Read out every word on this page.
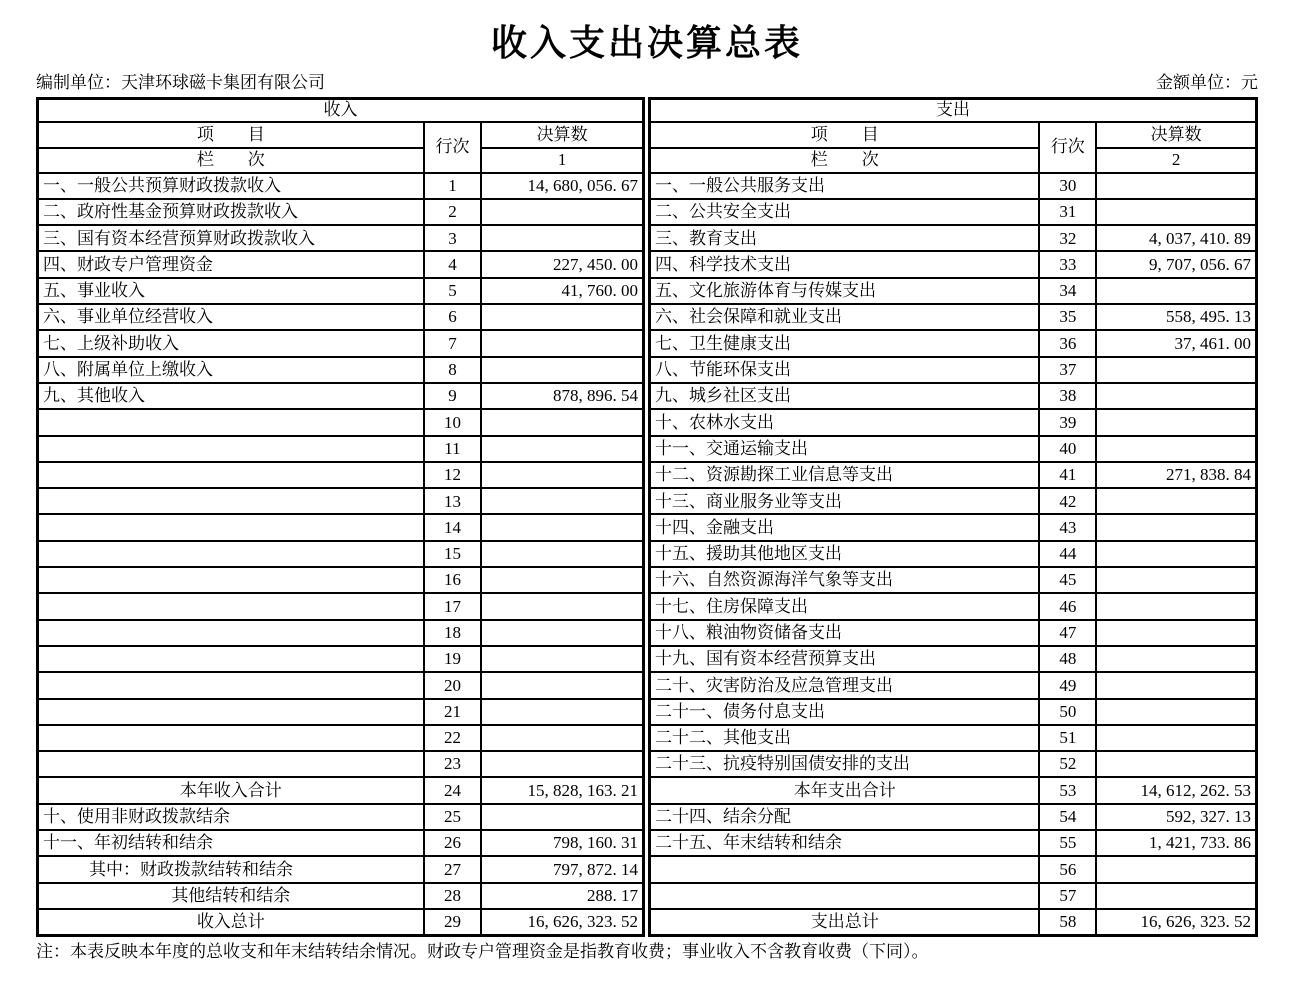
收入支出决算总表
编制单位：天津环球磁卡集团有限公司	金额单位：元
收入		
项　　目	行次	决算数
栏　　次		1
一、一般公共预算财政拨款收入	1	14, 680, 056. 67
二、政府性基金预算财政拨款收入	2	
三、国有资本经营预算财政拨款收入	3	
四、财政专户管理资金	4	227, 450. 00
五、事业收入	5	41, 760. 00
六、事业单位经营收入	6	
七、上级补助收入	7	
八、附属单位上缴收入	8	
九、其他收入	9	878, 896. 54
	10	
	11	
	12	
	13	
	14	
	15	
	16	
	17	
	18	
	19	
	20	
	21	
	22	
	23	
本年收入合计	24	15, 828, 163. 21
十、使用非财政拨款结余	25	
十一、年初结转和结余	26	798, 160. 31
其中：财政拨款结转和结余	27	797, 872. 14
其他结转和结余	28	288. 17
收入总计	29	16, 626, 323. 52
支出		
项　　目	行次	决算数
栏　　次		2
一、一般公共服务支出	30	
二、公共安全支出	31	
三、教育支出	32	4, 037, 410. 89
四、科学技术支出	33	9, 707, 056. 67
五、文化旅游体育与传媒支出	34	
六、社会保障和就业支出	35	558, 495. 13
七、卫生健康支出	36	37, 461. 00
八、节能环保支出	37	
九、城乡社区支出	38	
十、农林水支出	39	
十一、交通运输支出	40	
十二、资源勘探工业信息等支出	41	271, 838. 84
十三、商业服务业等支出	42	
十四、金融支出	43	
十五、援助其他地区支出	44	
十六、自然资源海洋气象等支出	45	
十七、住房保障支出	46	
十八、粮油物资储备支出	47	
十九、国有资本经营预算支出	48	
二十、灾害防治及应急管理支出	49	
二十一、债务付息支出	50	
二十二、其他支出	51	
二十三、抗疫特别国债安排的支出	52	
本年支出合计	53	14, 612, 262. 53
二十四、结余分配	54	592, 327. 13
二十五、年末结转和结余	55	1, 421, 733. 86
	56	
	57	
支出总计	58	16, 626, 323. 52
注：本表反映本年度的总收支和年末结转结余情况。财政专户管理资金是指教育收费；事业收入不含教育收费（下同）。
